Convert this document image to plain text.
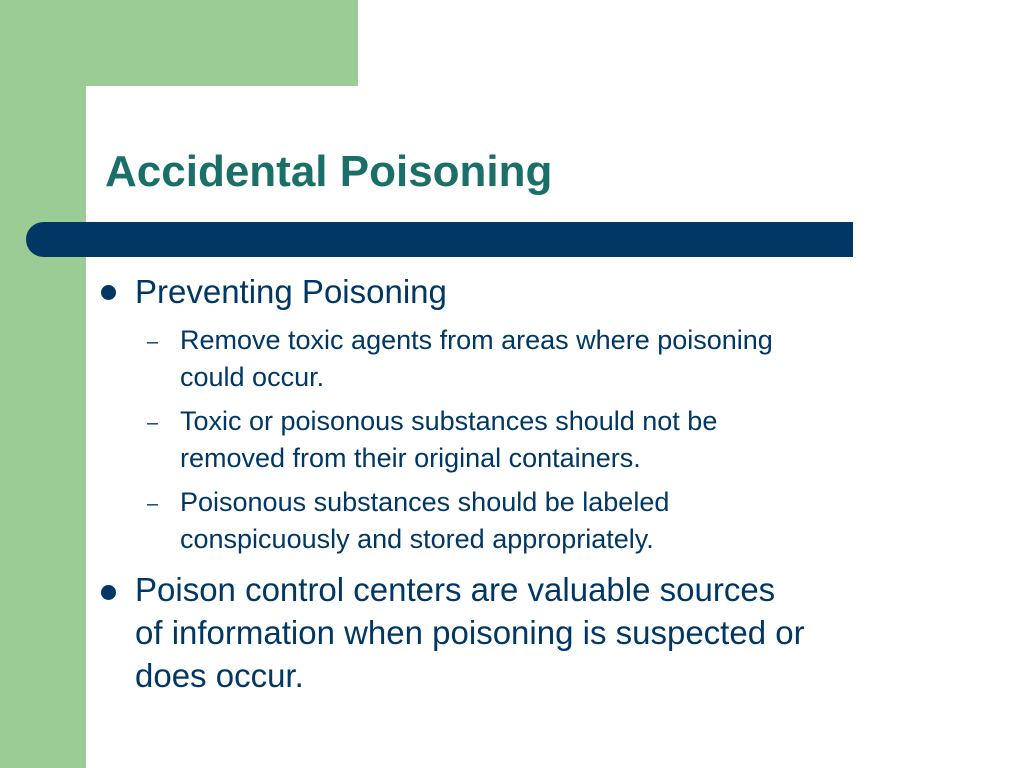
Accidental Poisoning
Preventing Poisoning
– Remove toxic agents from areas where poisoning
could occur.
– Toxic or poisonous substances should not be
removed from their original containers.
– Poisonous substances should be labeled
conspicuously and stored appropriately.
Poison control centers are valuable sources
of information when poisoning is suspected or
does occur.
